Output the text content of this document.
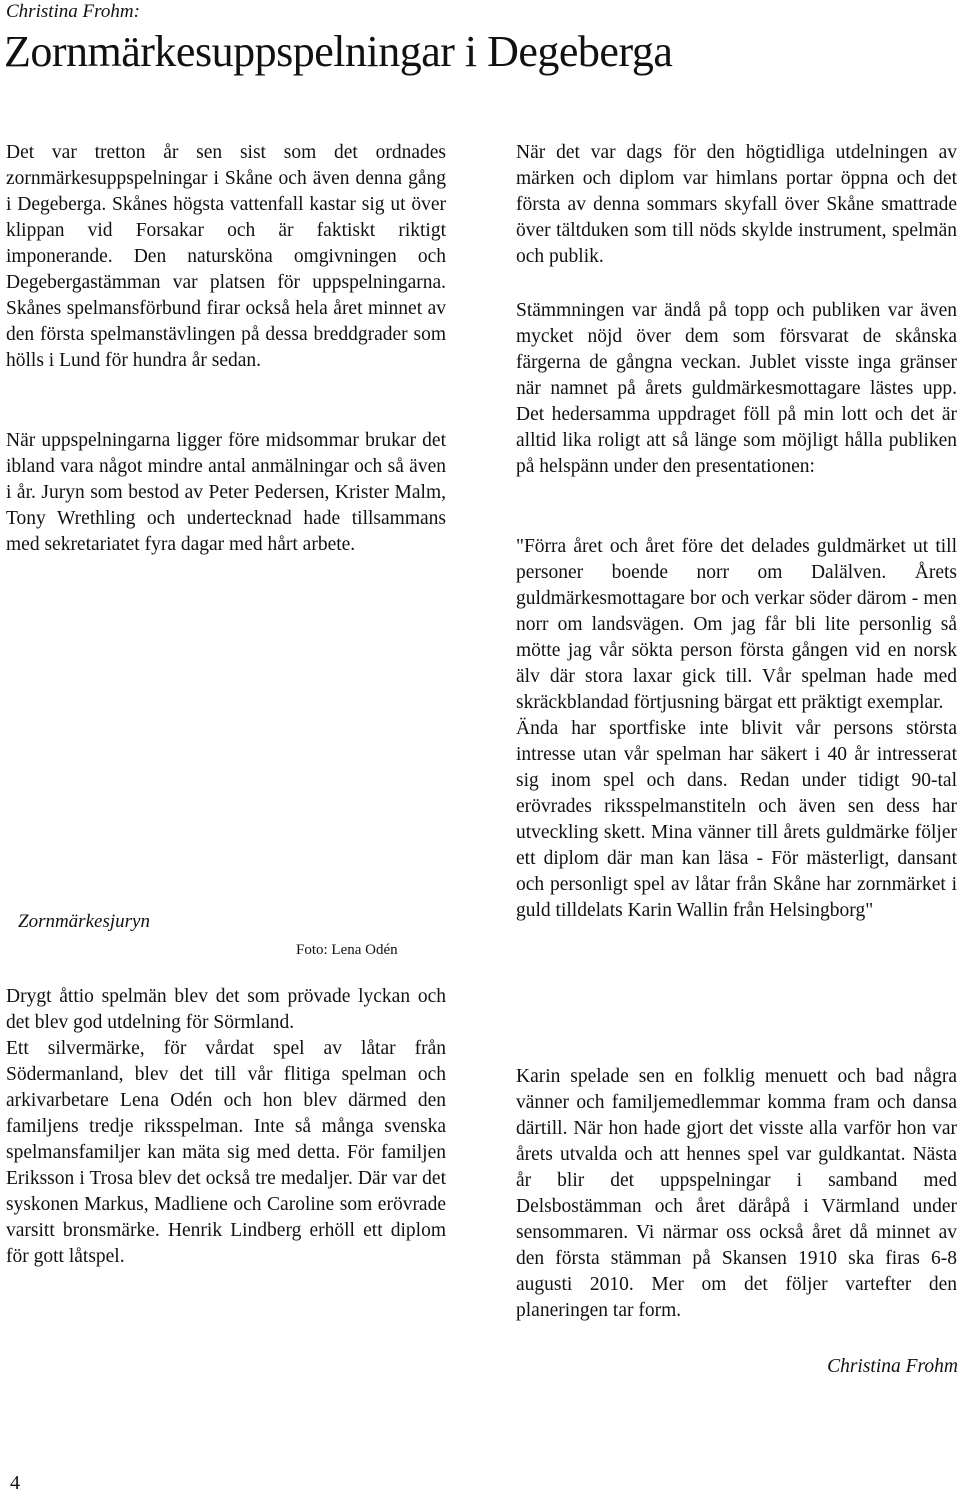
Christina Frohm:
Zornmärkesuppspelningar i Degeberga

Det var tretton år sen sist som det ordnades zornmärkesuppspelningar i Skåne och även denna gång i Degeberga. Skånes högsta vattenfall kastar sig ut över klippan vid Forsakar och är faktiskt riktigt imponerande. Den natursköna omgivningen och Degebergastämman var platsen för uppspelningarna. Skånes spelmansförbund firar också hela året minnet av den första spelmanstävlingen på dessa breddgrader som hölls i Lund för hundra år sedan.

När uppspelningarna ligger före midsommar brukar det ibland vara något mindre antal anmälningar och så även i år. Juryn som bestod av Peter Pedersen, Krister Malm, Tony Wrethling och undertecknad hade tillsammans med sekretariatet fyra dagar med hårt arbete.

Zornmärkesjuryn
Foto: Lena Odén

Drygt åttio spelmän blev det som prövade lyckan och det blev god utdelning för Sörmland.

Ett silvermärke, för vårdat spel av låtar från Södermanland, blev det till vår flitiga spelman och arkivarbetare Lena Odén och hon blev därmed den familjens tredje riksspelman. Inte så många svenska spelmansfamiljer kan mäta sig med detta. För familjen Eriksson i Trosa blev det också tre medaljer. Där var det syskonen Markus, Madliene och Caroline som erövrade varsitt bronsmärke. Henrik Lindberg erhöll ett diplom för gott låtspel.

När det var dags för den högtidliga utdelningen av märken och diplom var himlans portar öppna och det första av denna sommars skyfall över Skåne smattrade över tältduken som till nöds skylde instrument, spelmän och publik.

Stämmningen var ändå på topp och publiken var även mycket nöjd över dem som försvarat de skånska färgerna de gångna veckan. Jublet visste inga gränser när namnet på årets guldmärkesmottagare lästes upp. Det hedersamma uppdraget föll på min lott och det är alltid lika roligt att så länge som möjligt hålla publiken på helspänn under den presentationen:

"Förra året och året före det delades guldmärket ut till personer boende norr om Dalälven. Årets guldmärkesmottagare bor och verkar söder därom - men norr om landsvägen. Om jag får bli lite personlig så mötte jag vår sökta person första gången vid en norsk älv där stora laxar gick till. Vår spelman hade med skräckblandad förtjusning bärgat ett präktigt exemplar.

Ända har sportfiske inte blivit vår persons största intresse utan vår spelman har säkert i 40 år intresserat sig inom spel och dans. Redan under tidigt 90-tal erövrades riksspelmanstiteln och även sen dess har utveckling skett. Mina vänner till årets guldmärke följer ett diplom där man kan läsa - För mästerligt, dansant och personligt spel av låtar från Skåne har zornmärket i guld tilldelats Karin Wallin från Helsingborg"

Karin spelade sen en folklig menuett och bad några vänner och familjemedlemmar komma fram och dansa därtill. När hon hade gjort det visste alla varför hon var årets utvalda och att hennes spel var guldkantat. Nästa år blir det uppspelningar i samband med Delsbostämman och året däråpå i Värmland under sensommaren. Vi närmar oss också året då minnet av den första stämman på Skansen 1910 ska firas 6-8 augusti 2010. Mer om det följer vartefter den planeringen tar form.

Christina Frohm
4
